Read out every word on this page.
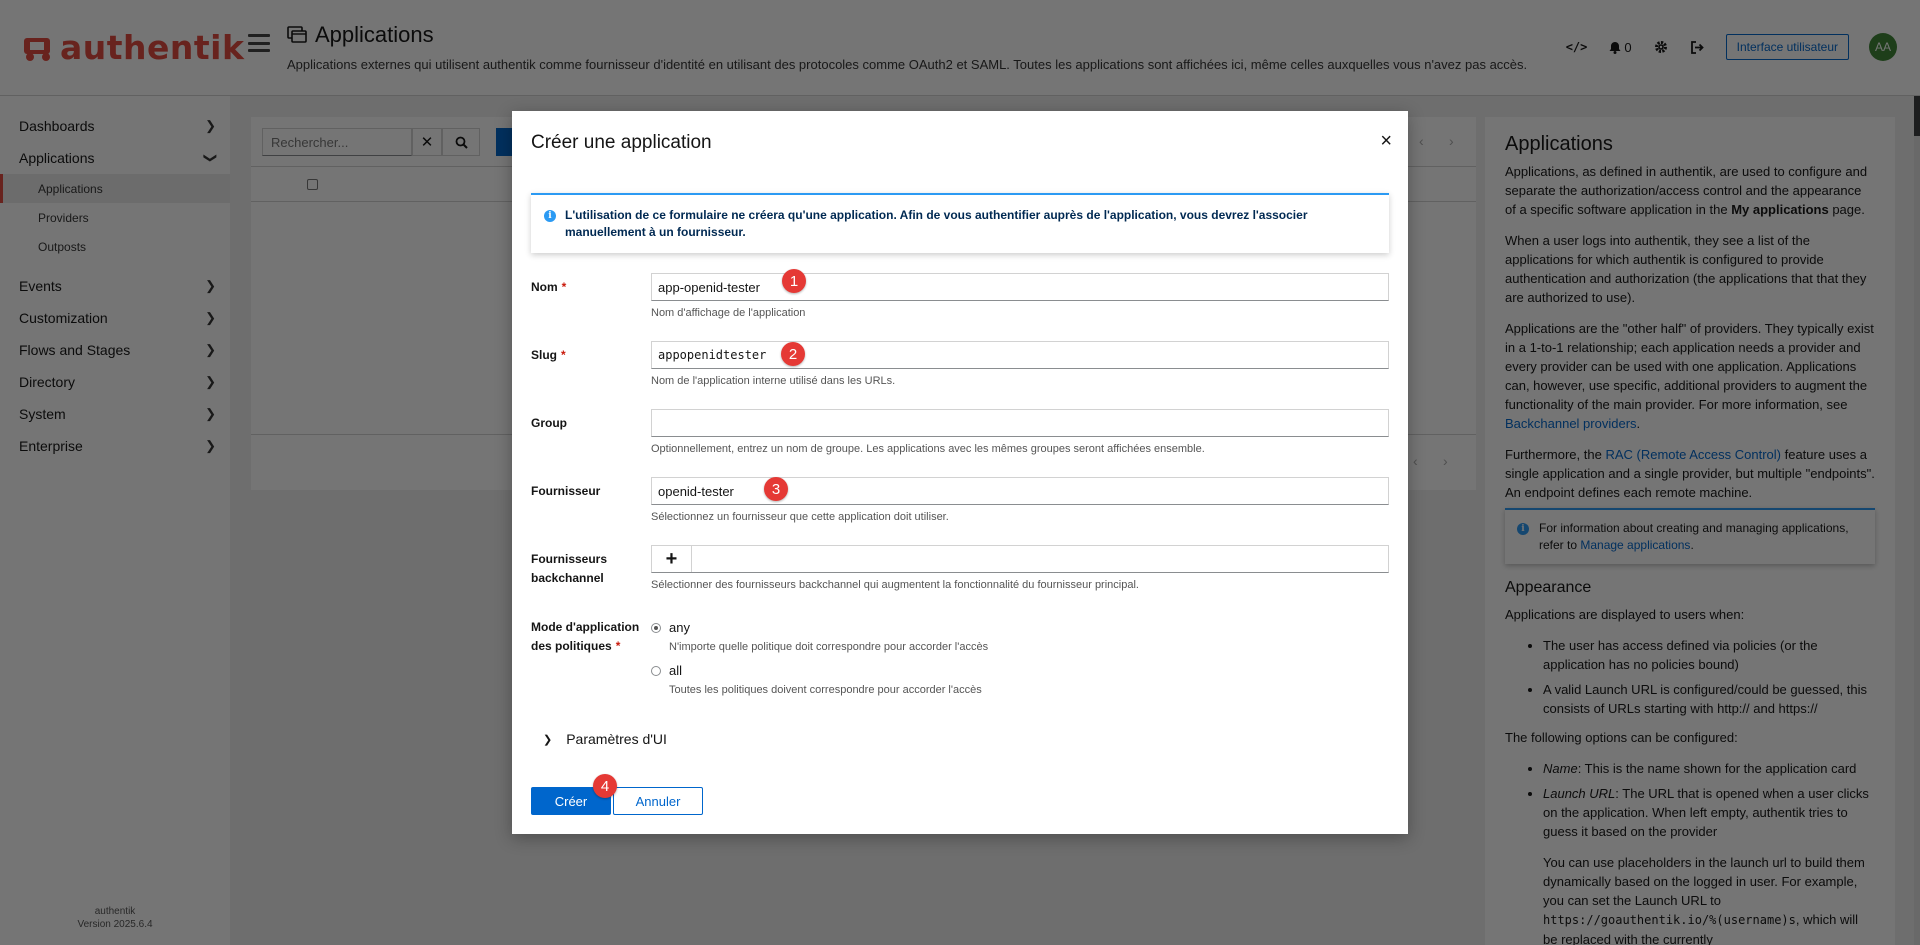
•
•

•
•

Créer une application	×
i	L'utilisation de ce formulaire ne créera qu'une application. Afin de vous authentifier auprès de l'application, vous devrez l'associer manuellement à un fournisseur.
Nom *	app-openid-tester
Nom d'affichage de l'application
Slug *	appopenidtester
Nom de l'application interne utilisé dans les URLs.
Group
Optionnellement, entrez un nom de groupe. Les applications avec les mêmes groupes seront affichées ensemble.
Fournisseur	openid-tester
Sélectionnez un fournisseur que cette application doit utiliser.
Fournisseurs
backchannel
+
Sélectionner des fournisseurs backchannel qui augmentent la fonctionnalité du fournisseur principal.
Mode d'application
des politiques *
any
N'importe quelle politique doit correspondre pour accorder l'accès
all
Toutes les politiques doivent correspondre pour accorder l'accès
❯ Paramètres d'UI
Créer	Annuler
1
2
3
4
